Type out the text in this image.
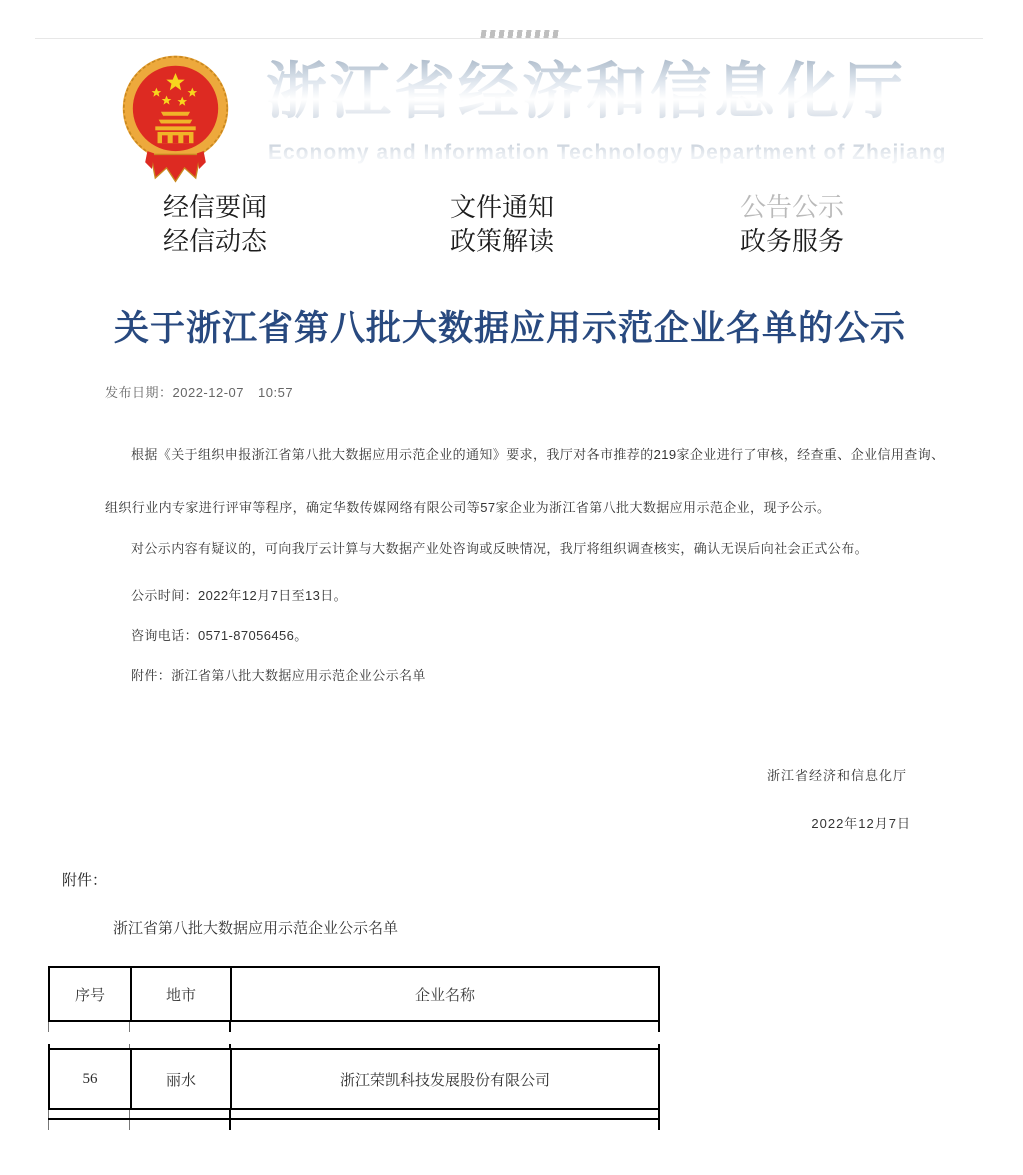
浙江省经济和信息化厅
Economy and Information Technology Department of Zhejiang
经信要闻	文件通知	公告公示
经信动态	政策解读	政务服务
关于浙江省第八批大数据应用示范企业名单的公示
发布日期：2022-12-07 10:57

根据《关于组织申报浙江省第八批大数据应用示范企业的通知》要求，我厅对各市推荐的219家企业进行了审核，经查重、企业信用查询、组织行业内专家进行评审等程序，确定华数传媒网络有限公司等57家企业为浙江省第八批大数据应用示范企业，现予公示。

对公示内容有疑议的，可向我厅云计算与大数据产业处咨询或反映情况，我厅将组织调查核实，确认无误后向社会正式公布。

公示时间：2022年12月7日至13日。

咨询电话：0571-87056456。

附件：浙江省第八批大数据应用示范企业公示名单

浙江省经济和信息化厅
2022年12月7日
附件：
浙江省第八批大数据应用示范企业公示名单
序号	地市	企业名称
56	丽水	浙江荣凯科技发展股份有限公司
